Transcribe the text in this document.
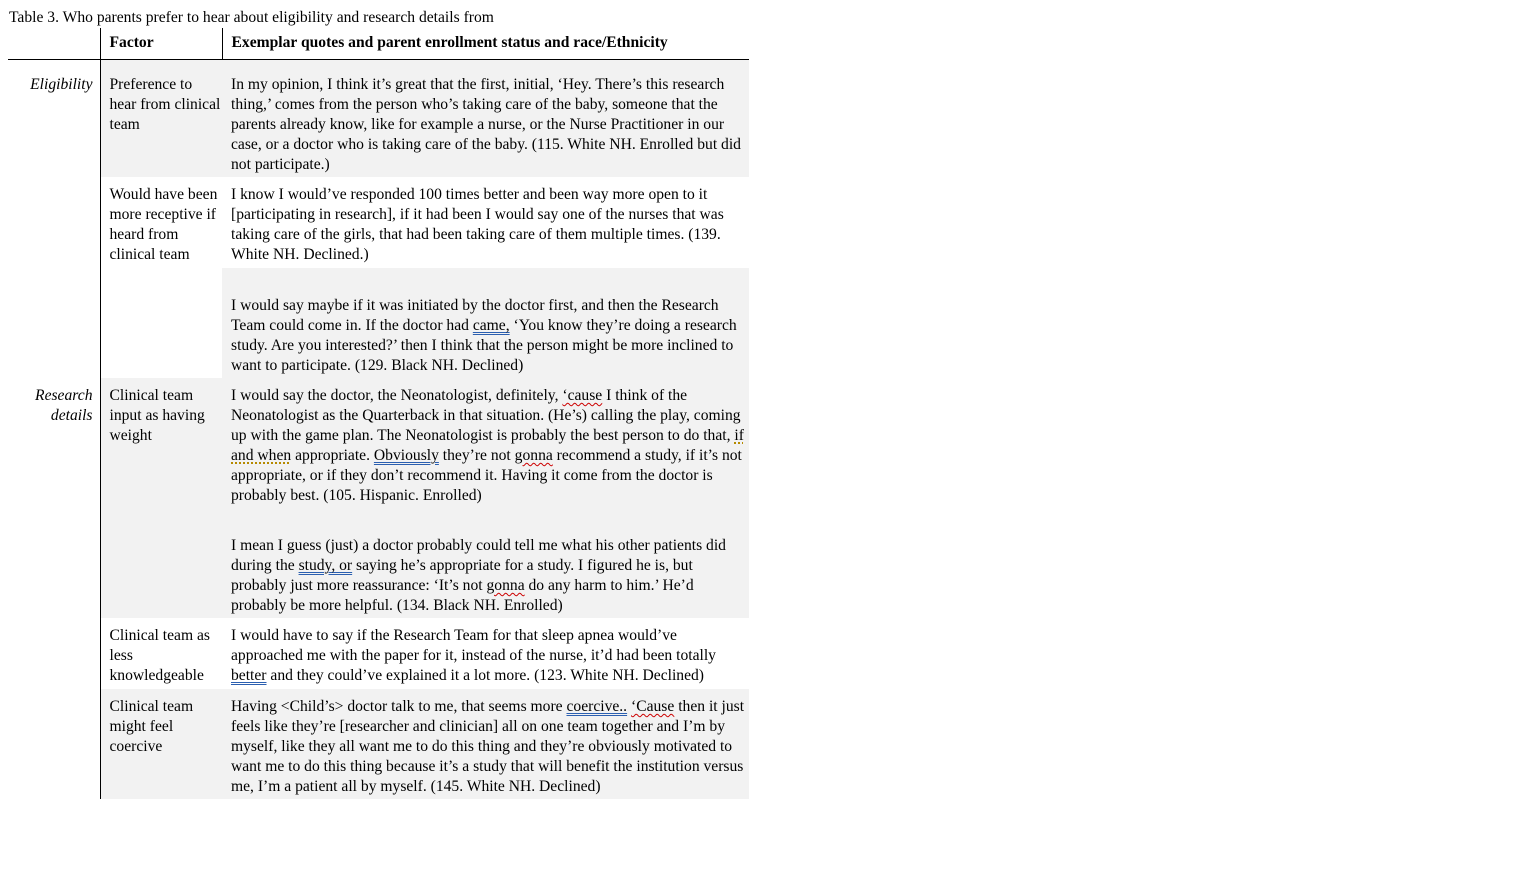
Table 3. Who parents prefer to hear about eligibility and research details from

	Factor	Exemplar quotes and parent enrollment status and race/Ethnicity
Eligibility	Preference to hear from clinical team	In my opinion, I think it’s great that the first, initial, ‘Hey. There’s this research thing,’ comes from the person who’s taking care of the baby, someone that the parents already know, like for example a nurse, or the Nurse Practitioner in our case, or a doctor who is taking care of the baby. (115. White NH. Enrolled but did not participate.)
	Would have been more receptive if heard from clinical team	I know I would’ve responded 100 times better and been way more open to it [participating in research], if it had been I would say one of the nurses that was taking care of the girls, that had been taking care of them multiple times. (139. White NH. Declined.)
		I would say maybe if it was initiated by the doctor first, and then the Research Team could come in. If the doctor had came, ‘You know they’re doing a research study. Are you interested?’ then I think that the person might be more inclined to want to participate. (129. Black NH. Declined)
Research details	Clinical team input as having weight	I would say the doctor, the Neonatologist, definitely, ‘cause I think of the Neonatologist as the Quarterback in that situation. (He’s) calling the play, coming up with the game plan. The Neonatologist is probably the best person to do that, if and when appropriate. Obviously they’re not gonna recommend a study, if it’s not appropriate, or if they don’t recommend it. Having it come from the doctor is probably best. (105. Hispanic. Enrolled)
		I mean I guess (just) a doctor probably could tell me what his other patients did during the study, or saying he’s appropriate for a study. I figured he is, but probably just more reassurance: ‘It’s not gonna do any harm to him.’ He’d probably be more helpful. (134. Black NH. Enrolled)
	Clinical team as less knowledgeable	I would have to say if the Research Team for that sleep apnea would’ve approached me with the paper for it, instead of the nurse, it’d had been totally better and they could’ve explained it a lot more. (123. White NH. Declined)
	Clinical team might feel coercive	Having <Child’s> doctor talk to me, that seems more coercive.. ‘Cause then it just feels like they’re [researcher and clinician] all on one team together and I’m by myself, like they all want me to do this thing and they’re obviously motivated to want me to do this thing because it’s a study that will benefit the institution versus me, I’m a patient all by myself. (145. White NH. Declined)
